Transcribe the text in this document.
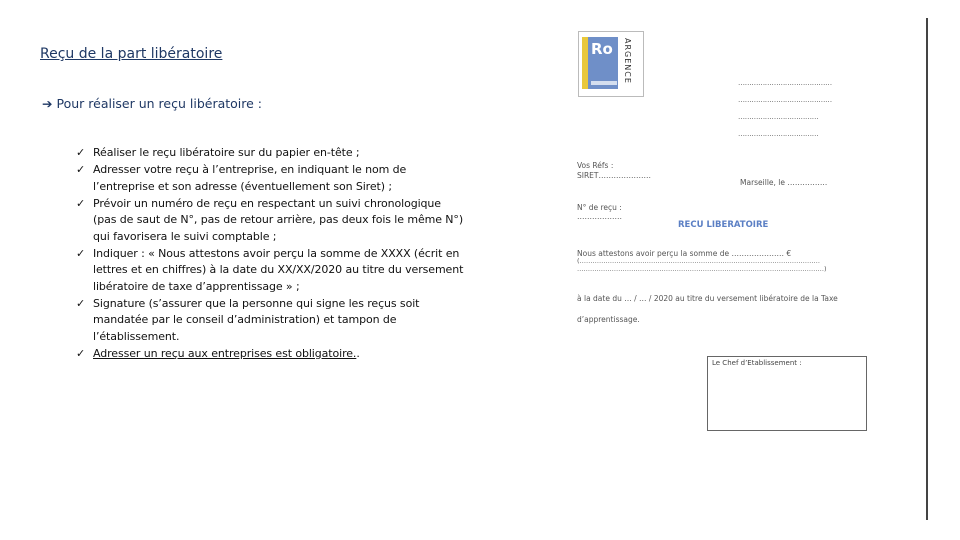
Reçu de la part libératoire
➔ Pour réaliser un reçu libératoire :
✓ Réaliser le reçu libératoire sur du papier en-tête ;
✓ Adresser votre reçu à l’entreprise, en indiquant le nom de l’entreprise et son adresse (éventuellement son Siret) ;
✓ Prévoir un numéro de reçu en respectant un suivi chronologique (pas de saut de N°, pas de retour arrière, pas deux fois le même N°) qui favorisera le suivi comptable ;
✓ Indiquer : « Nous attestons avoir perçu la somme de XXXX (écrit en lettres et en chiffres) à la date du XX/XX/2020 au titre du versement libératoire de taxe d’apprentissage » ;
✓ Signature (s’assurer que la personne qui signe les reçus soit mandatée par le conseil d’administration) et tampon de l’établissement.
✓ Adresser un reçu aux entreprises est obligatoire..
Ro ARGENCE	……………………………………
……………………………………
………………………………
………………………………
Vos Réfs :
SIRET…………………
Marseille, le …………….
N° de reçu :
………………
RECU LIBERATOIRE
Nous attestons avoir perçu la somme de ………………… €
(…………………………………………………………………………………………………
……………………………………………………………………………………………………)
à la date du … / … / 2020 au titre du versement libératoire de la Taxe
d’apprentissage.
Le Chef d’Etablissement :
